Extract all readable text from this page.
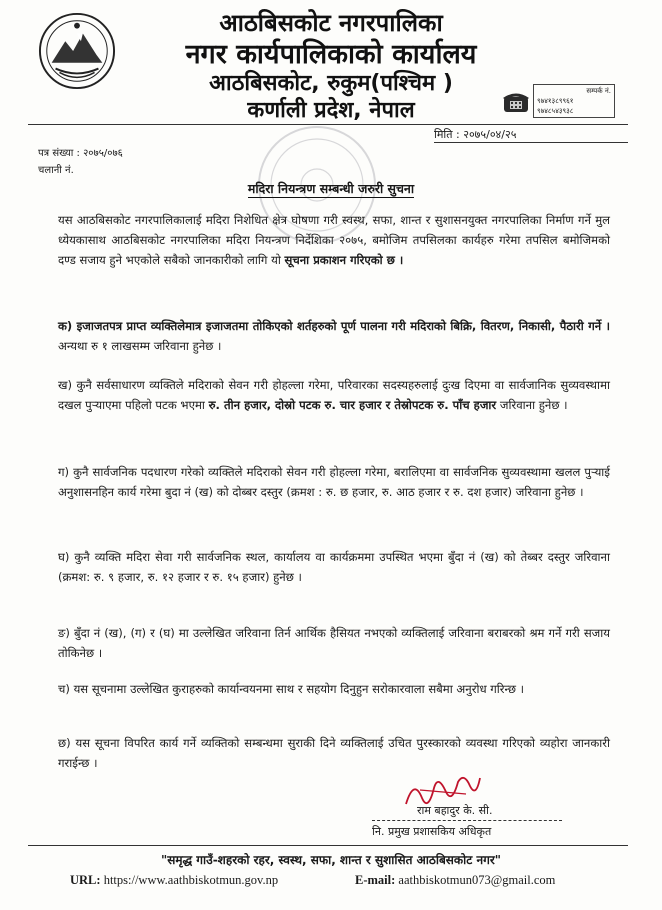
आठबिसकोट नगरपालिका
नगर कार्यपालिकाको कार्यालय
आठबिसकोट, रुकुम(पश्चिम )
कर्णाली प्रदेश, नेपाल
सम्पर्क नं.
९७४१३८९९६१
९७४८५४३९३८
मिति : २०७५/०४/२५
पत्र संख्या : २०७५/०७६
चलानी नं.
मदिरा नियन्त्रण सम्बन्धी जरुरी सुचना
यस आठबिसकोट नगरपालिकालाई मदिरा निशेधित क्षेत्र घोषणा गरी स्वस्थ, सफा, शान्त र सुशासनयुक्त नगरपालिका निर्माण गर्ने मुल ध्येयकासाथ आठबिसकोट नगरपालिका मदिरा नियन्त्रण निर्देशिका २०७५, बमोजिम तपसिलका कार्यहरु गरेमा तपसिल बमोजिमको दण्ड सजाय हुने भएकोले सबैको जानकारीको लागि यो सूचना प्रकाशन गरिएको छ ।
क) इजाजतपत्र प्राप्त व्यक्तिलेमात्र इजाजतमा तोकिएको शर्तहरुको पूर्ण पालना गरी मदिराको बिक्रि, वितरण, निकासी, पैठारी गर्ने । अन्यथा रु १ लाखसम्म जरिवाना हुनेछ ।
ख) कुनै सर्वसाधारण व्यक्तिले मदिराको सेवन गरी होहल्ला गरेमा, परिवारका सदस्यहरुलाई दुःख दिएमा वा सार्वजानिक सुव्यवस्थामा दखल पुर्‍याएमा पहिलो पटक भएमा रु. तीन हजार, दोस्रो पटक रु. चार हजार र तेस्रोपटक रु. पाँच हजार जरिवाना हुनेछ ।
ग) कुनै सार्वजनिक पदधारण गरेको व्यक्तिले मदिराको सेवन गरी होहल्ला गरेमा, बरालिएमा वा सार्वजनिक सुव्यवस्थामा खलल पुर्‍याई अनुशासनहिन कार्य गरेमा बुदा नं (ख) को दोब्बर दस्तुर (क्रमश : रु. छ हजार, रु. आठ हजार र रु. दश हजार) जरिवाना हुनेछ ।
घ) कुनै व्यक्ति मदिरा सेवा गरी सार्वजनिक स्थल, कार्यालय वा कार्यक्रममा उपस्थित भएमा बुँदा नं (ख) को तेब्बर दस्तुर जरिवाना (क्रमश: रु. ९ हजार, रु. १२ हजार र रु. १५ हजार) हुनेछ ।
ङ) बुँदा नं (ख), (ग) र (घ) मा उल्लेखित जरिवाना तिर्न आर्थिक हैसियत नभएको व्यक्तिलाई जरिवाना बराबरको श्रम गर्ने गरी सजाय तोकिनेछ ।
च) यस सूचनामा उल्लेखित कुराहरुको कार्यान्वयनमा साथ र सहयोग दिनुहुन सरोकारवाला सबैमा अनुरोध गरिन्छ ।
छ) यस सूचना विपरित कार्य गर्ने व्यक्तिको सम्बन्धमा सुराकी दिने व्यक्तिलाई उचित पुरस्कारको व्यवस्था गरिएको व्यहोरा जानकारी गराईन्छ ।
राम बहादुर के. सी.
नि. प्रमुख प्रशासकिय अधिकृत
"समृद्ध गाउँ-शहरको रहर, स्वस्थ, सफा, शान्त र सुशासित आठबिसकोट नगर"
URL: https://www.aathbiskotmun.gov.np	E-mail: aathbiskotmun073@gmail.com
